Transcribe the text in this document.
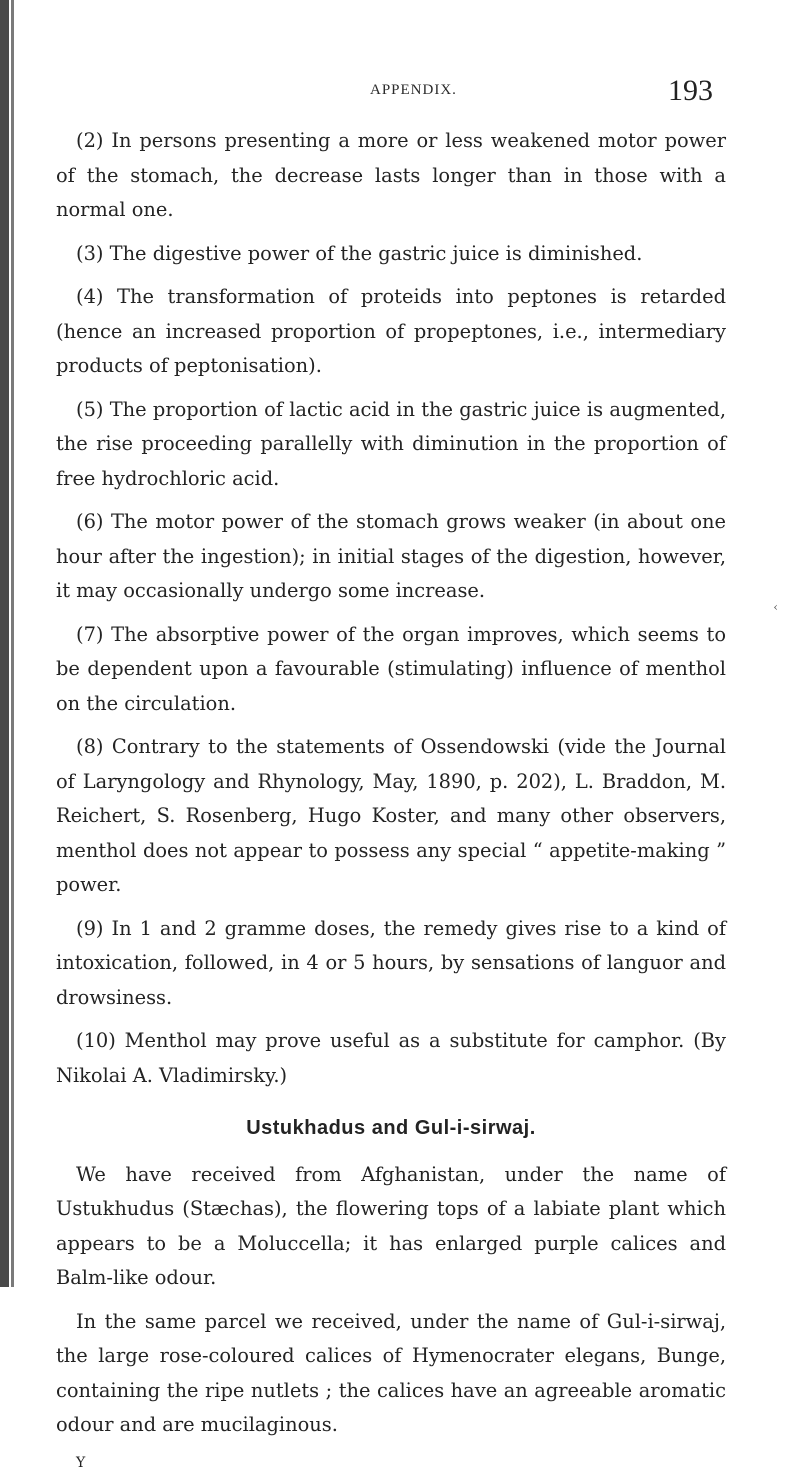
APPENDIX.	193

(2) In persons presenting a more or less weakened motor power of the stomach, the decrease lasts longer than in those with a normal one.

(3) The digestive power of the gastric juice is diminished.

(4) The transformation of proteids into peptones is retarded (hence an increased proportion of propeptones, i.e., intermediary products of peptonisation).

(5) The proportion of lactic acid in the gastric juice is augmented, the rise proceeding parallelly with diminution in the proportion of free hydrochloric acid.

(6) The motor power of the stomach grows weaker (in about one hour after the ingestion); in initial stages of the digestion, however, it may occasionally undergo some increase.

(7) The absorptive power of the organ improves, which seems to be dependent upon a favourable (stimulating) influence of menthol on the circulation.

(8) Contrary to the statements of Ossendowski (vide the Journal of Laryngology and Rhynology, May, 1890, p. 202), L. Braddon, M. Reichert, S. Rosenberg, Hugo Koster, and many other observers, menthol does not appear to possess any special “ appetite-making ” power.

(9) In 1 and 2 gramme doses, the remedy gives rise to a kind of intoxication, followed, in 4 or 5 hours, by sensations of languor and drowsiness.

(10) Menthol may prove useful as a substitute for camphor. (By Nikolai A. Vladimirsky.)

Ustukhadus and Gul-i-sirwaj.

We have received from Afghanistan, under the name of Ustukhudus (Stæchas), the flowering tops of a labiate plant which appears to be a Moluccella; it has enlarged purple calices and Balm-like odour.

In the same parcel we received, under the name of Gul-i-sirwaj, the large rose-coloured calices of Hymenocrater elegans, Bunge, containing the ripe nutlets ; the calices have an agreeable aromatic odour and are mucilaginous.

Y
‹
